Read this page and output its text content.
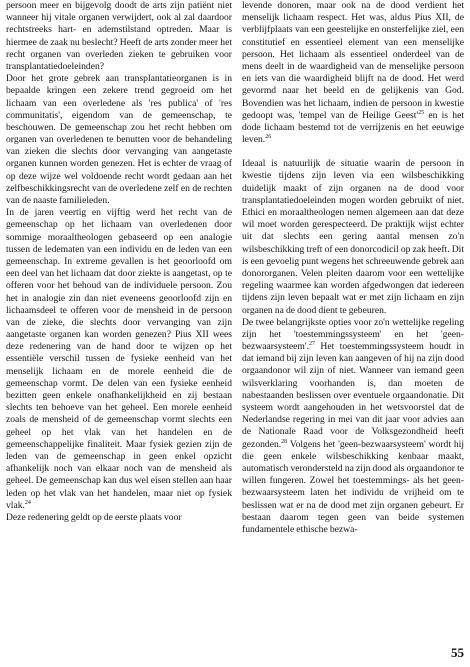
persoon meer en bijgevolg doodt de arts zijn patiënt niet wanneer hij vitale organen verwijdert, ook al zal daardoor rechtstreeks hart- en ademstilstand optreden. Maar is hiermee de zaak nu beslecht? Heeft de arts zonder meer het recht organen van overleden zieken te gebruiken voor transplantatiedoeleinden?

Door het grote gebrek aan transplantatieorganen is in bepaalde kringen een zekere trend gegroeid om het lichaam van een overledene als 'res publica' of 'res communitatis', eigendom van de gemeenschap, te beschouwen. De gemeenschap zou het recht hebben om organen van overledenen te benutten voor de behandeling van zieken die slechts door vervanging van aangetaste organen kunnen worden genezen. Het is echter de vraag of op deze wijze wel voldoende recht wordt gedaan aan het zelfbeschikkingsrecht van de overledene zelf en de rechten van de naaste familieleden.

In de jaren veertig en vijftig werd het recht van de gemeenschap op het lichaam van overledenen door sommige moraaltheologen gebaseerd op een analogie tussen de ledematen van een individu en de leden van een gemeenschap. In extreme gevallen is het geoorloofd om een deel van het lichaam dat door ziekte is aangetast, op te offeren voor het behoud van de individuele persoon. Zou het in analogie zin dan niet eveneens geoorloofd zijn en lichaamsdeel te offeren voor de mensheid in de persoon van de zieke, die slechts door vervanging van zijn aangetaste organen kan worden genezen? Pius XII wees deze redenering van de hand door te wijzen op het essentiële verschil tussen de fysieke eenheid van het menselijk lichaam en de morele eenheid die de gemeenschap vormt. De delen van een fysieke eenheid bezitten geen enkele onafhankelijkheid en zij bestaan slechts ten behoeve van het geheel. Een morele eenheid zoals de mensheid of de gemeenschap vormt slechts een geheel op het vlak van het handelen en de gemeenschappelijke finaliteit. Maar fysiek gezien zijn de leden van de gemeenschap in geen enkel opzicht afhankelijk noch van elkaar noch van de mensheid als geheel. De gemeenschap kan dus wel eisen stellen aan haar leden op het vlak van het handelen, maar niet op fysiek vlak.$^{24}$

Deze redenering geldt op de eerste plaats voor

levende donoren, maar ook na de dood verdient het menselijk lichaam respect. Het was, aldus Pius XII, de verblijfplaats van een geestelijke en onsterfelijke ziel, een constitutief en essentieel element van een menselijke persoon. Het lichaam als essentieel onderdeel van de mens deelt in de waardigheid van de menselijke persoon en iets van die waardigheid blijft na de dood. Het werd gevormd naar het beeld en de gelijkenis van God. Bovendien was het lichaam, indien de persoon in kwestie gedoopt was, 'tempel van de Heilige $Geest'^{25}$ en is het dode lichaam bestemd tot de verrijzenis en het eeuwige leven.$^{26}$

Ideaal is natuurlijk de situatie waarin de persoon in kwestie tijdens zijn leven via een wilsbeschikking duidelijk maakt of zijn organen na de dood voor transplantatiedoeleinden mogen worden gebruikt of niet. Ethici en moraaltheologen nemen algemeen aan dat deze wil moet worden gerespecteerd. De praktijk wijst echter uit dat slechts een gering aantal mensen zo'n wilsbeschikking treft of een donorcodicil op zak heeft. Dit is een gevoelig punt wegens het schreeuwende gebrek aan donororganen. Velen pleiten daarom voor een wettelijke regeling waarmee kan worden afgedwongen dat iedereen tijdens zijn leven bepaalt wat er met zijn lichaam en zijn organen na de dood dient te gebeuren.

De twee belangrijkste opties voor zo'n wettelijke regeling zijn het 'toestemmingssysteem' en het 'geen-bezwaarsysteem'.$^{27}$ Het toestemmingssysteem houdt in dat iemand bij zijn leven kan aangeven of hij na zijn dood orgaandonor wil zijn of niet. Wanneer van iemand geen wilsverklaring voorhanden is, dan moeten de nabestaanden beslissen over eventuele orgaandonatie. Dit systeem wordt aangehouden in het wetsvoorstel dat de Nederlandse regering in mei van dit jaar voor advies aan de Nationale Raad voor de Volksgezondheid heeft gezonden.$^{28}$ Volgens het 'geen-bezwaarsysteem' wordt hij die geen enkele wilsbeschikking kenbaar maakt, automatisch verondersteld na zijn dood als orgaandonor te willen fungeren. Zowel het toestemmings- als het geen-bezwaarsysteem laten het individu de vrijheid om te beslissen wat er na de dood met zijn organen gebeurt. Er bestaan daarom tegen geen van beide systemen fundamentele ethische bezwa-

55
